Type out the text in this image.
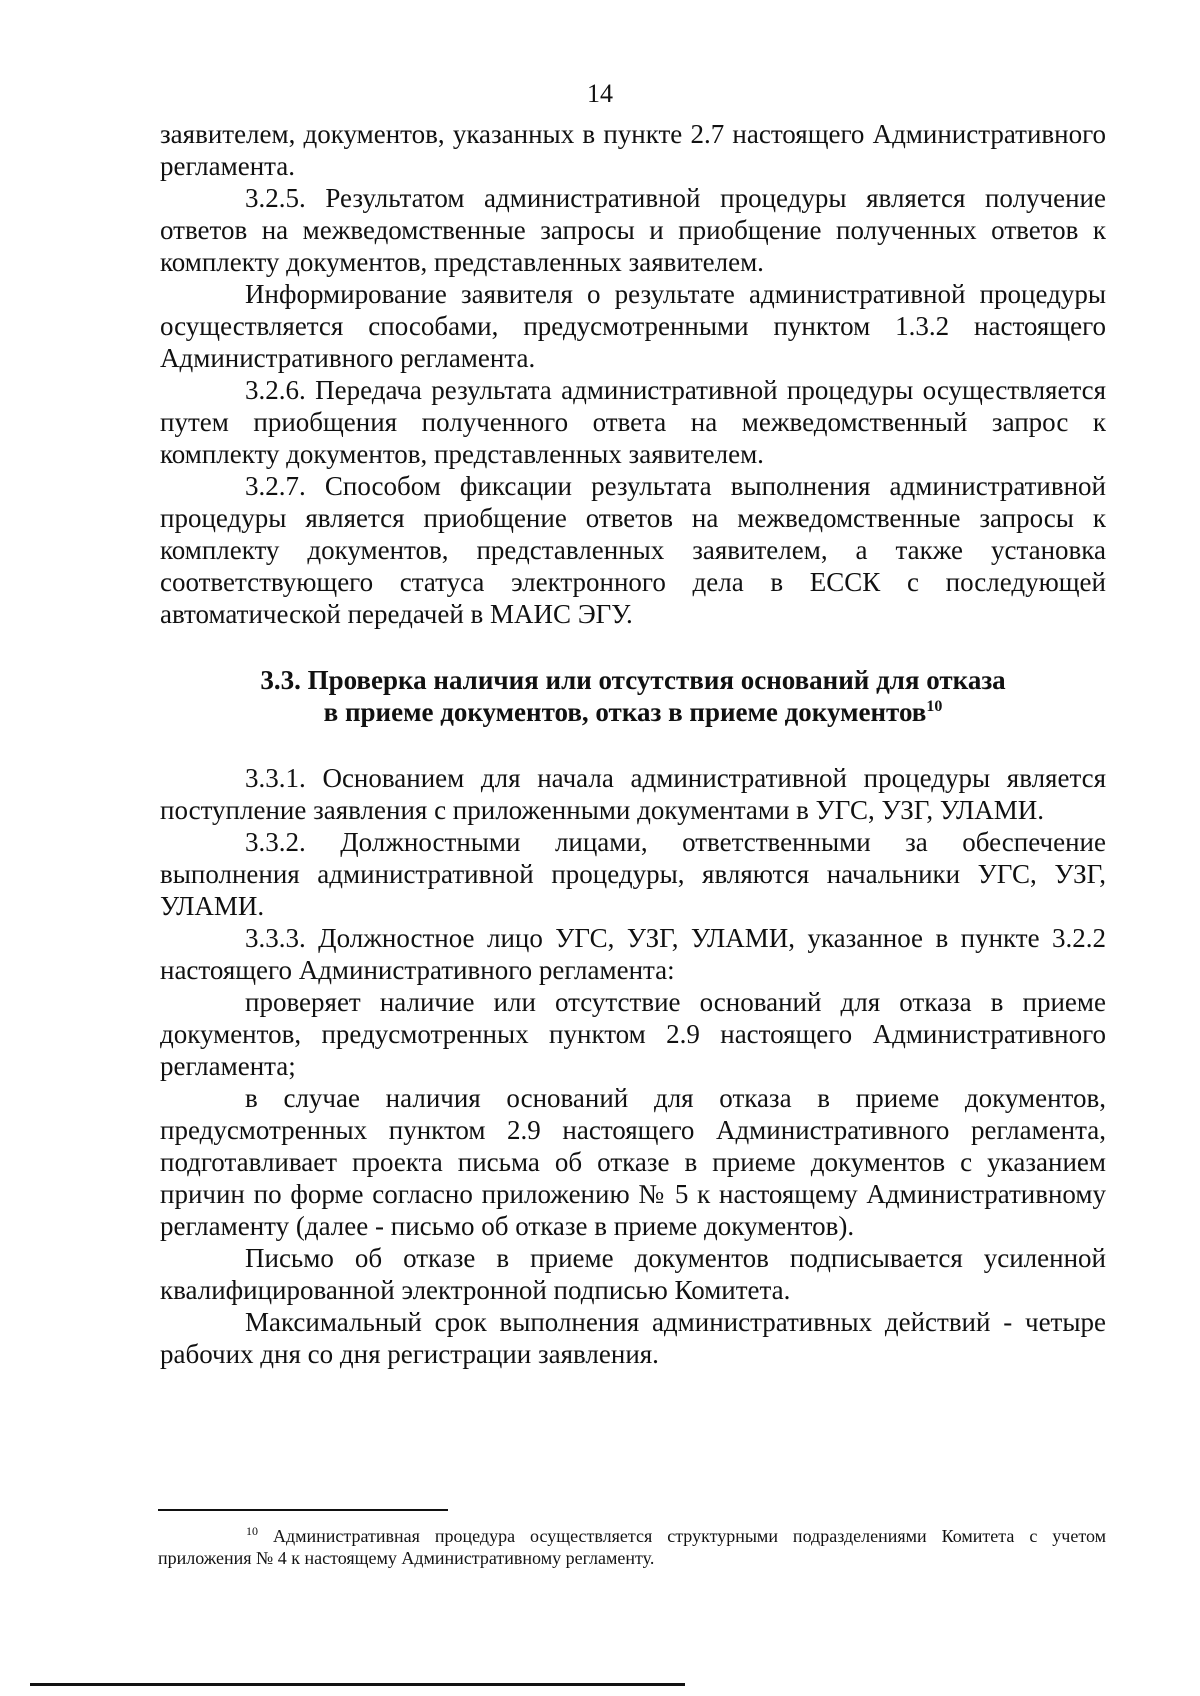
14

заявителем, документов, указанных в пункте 2.7 настоящего Административного регламента.

3.2.5. Результатом административной процедуры является получение ответов на межведомственные запросы и приобщение полученных ответов к комплекту документов, представленных заявителем.

Информирование заявителя о результате административной процедуры осуществляется способами, предусмотренными пунктом 1.3.2 настоящего Административного регламента.

3.2.6. Передача результата административной процедуры осуществляется путем приобщения полученного ответа на межведомственный запрос к комплекту документов, представленных заявителем.

3.2.7. Способом фиксации результата выполнения административной процедуры является приобщение ответов на межведомственные запросы к комплекту документов, представленных заявителем, а также установка соответствующего статуса электронного дела в ЕССК с последующей автоматической передачей в МАИС ЭГУ.

3.3. Проверка наличия или отсутствия оснований для отказа
в приеме документов, отказ в приеме документов$^{10}$

3.3.1. Основанием для начала административной процедуры является поступление заявления с приложенными документами в УГС, УЗГ, УЛАМИ.

3.3.2. Должностными лицами, ответственными за обеспечение выполнения административной процедуры, являются начальники УГС, УЗГ, УЛАМИ.

3.3.3. Должностное лицо УГС, УЗГ, УЛАМИ, указанное в пункте 3.2.2 настоящего Административного регламента:

проверяет наличие или отсутствие оснований для отказа в приеме документов, предусмотренных пунктом 2.9 настоящего Административного регламента;

в случае наличия оснований для отказа в приеме документов, предусмотренных пунктом 2.9 настоящего Административного регламента, подготавливает проекта письма об отказе в приеме документов с указанием причин по форме согласно приложению № 5 к настоящему Административному регламенту (далее - письмо об отказе в приеме документов).

Письмо об отказе в приеме документов подписывается усиленной квалифицированной электронной подписью Комитета.

Максимальный срок выполнения административных действий - четыре рабочих дня со дня регистрации заявления.

$^{10}$ Административная процедура осуществляется структурными подразделениями Комитета с учетом приложения № 4 к настоящему Административному регламенту.
